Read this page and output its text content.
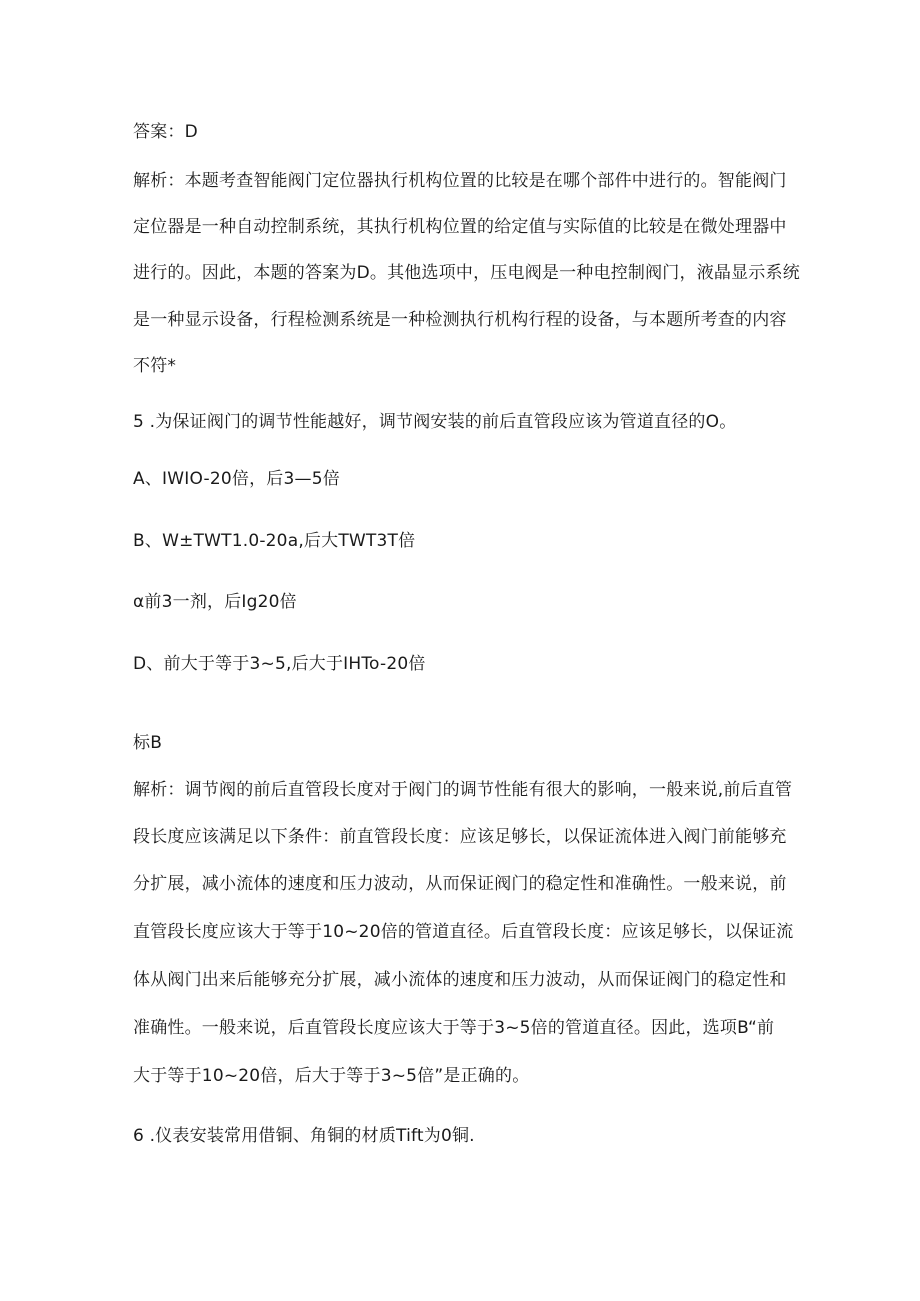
答案：D
解析：本题考查智能阀门定位器执行机构位置的比较是在哪个部件中进行的。智能阀门
定位器是一种自动控制系统，其执行机构位置的给定值与实际值的比较是在微处理器中
进行的。因此，本题的答案为D。其他选项中，压电阀是一种电控制阀门，液晶显示系统
是一种显示设备，行程检测系统是一种检测执行机构行程的设备，与本题所考查的内容
不符*
5 .为保证阀门的调节性能越好，调节阀安装的前后直管段应该为管道直径的O。
A、IWIO-20倍，后3—5倍
B、W±TWT1.0-20a,后大TWT3T倍
α前3一剂，后Ig20倍
D、前大于等于3~5,后大于IHTo-20倍
标B
解析：调节阀的前后直管段长度对于阀门的调节性能有很大的影响，一般来说,前后直管
段长度应该满足以下条件：前直管段长度：应该足够长，以保证流体进入阀门前能够充
分扩展，减小流体的速度和压力波动，从而保证阀门的稳定性和准确性。一般来说，前
直管段长度应该大于等于10~20倍的管道直径。后直管段长度：应该足够长，以保证流
体从阀门出来后能够充分扩展，减小流体的速度和压力波动，从而保证阀门的稳定性和
准确性。一般来说，后直管段长度应该大于等于3~5倍的管道直径。因此，选项B“前
大于等于10~20倍，后大于等于3~5倍”是正确的。
6 .仪表安装常用借铜、角铜的材质Tift为0铜.
